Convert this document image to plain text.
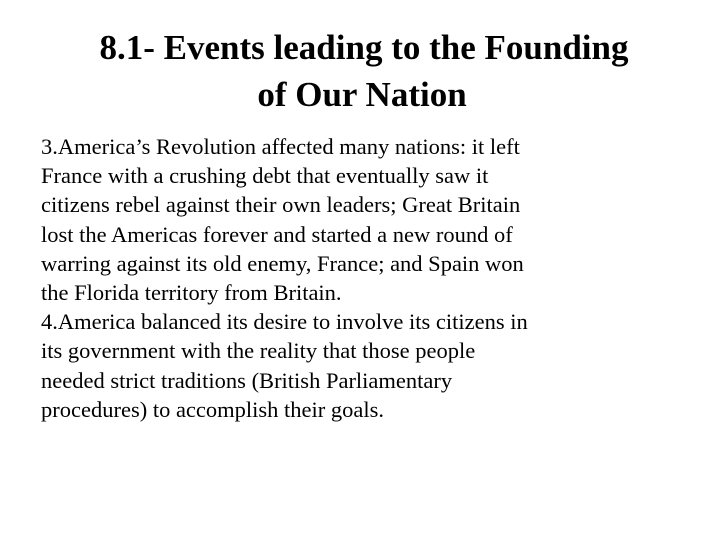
8.1- Events leading to the Founding
of Our Nation

3.America’s Revolution affected many nations: it left
France with a crushing debt that eventually saw it
citizens rebel against their own leaders; Great Britain
lost the Americas forever and started a new round of
warring against its old enemy, France; and Spain won
the Florida territory from Britain.

4.America balanced its desire to involve its citizens in
its government with the reality that those people
needed strict traditions (British Parliamentary
procedures) to accomplish their goals.
